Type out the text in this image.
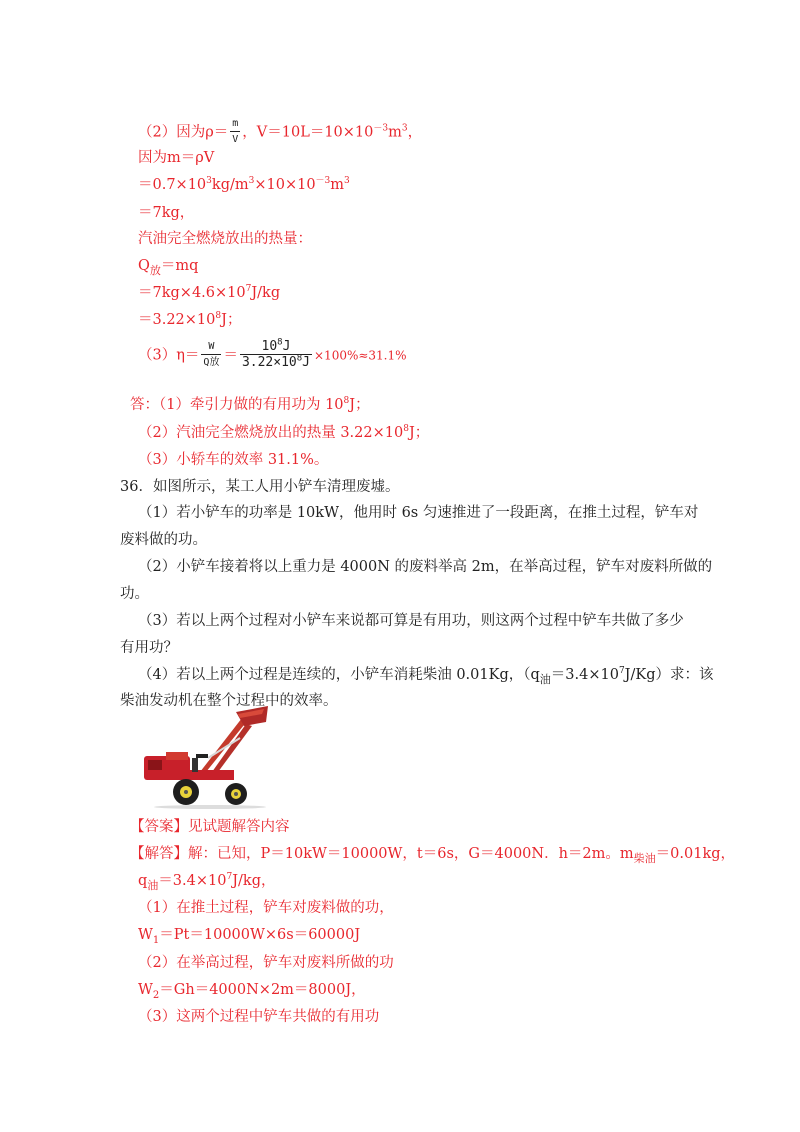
（2）因为$\rho= \frac{m}{V}$ ，$V=10L=10\times 10^{-3}m^3$，
因为m＝ρV
$=0.7\times 10^3kg/m^3\times 10\times 10^{-3}m^3$
＝7kg，
汽油完全燃烧放出的热量：
$Q_放=mq$
$=7kg\times 4.6\times 10^7J/kg$
$=3.22\times 10^8J$；
$(3)\eta= \frac{W}{\text{Q放}} = \frac{10^8J}{3.22\times 10^8J} \times 100\%\approx 31.1\%$
答：（1）牵引力做的有用功为 $10^8J$；
（2）汽油完全燃烧放出的热量 $3.22\times 10^8J$；
（3）小轿车的效率 31.1%。
36．如图所示，某工人用小铲车清理废墟。
（1）若小铲车的功率是 10kW，他用时 6s 匀速推进了一段距离，在推土过程，铲车对
废料做的功。
（2）小铲车接着将以上重力是 4000N 的废料举高 2m，在举高过程，铲车对废料所做的
功。
（3）若以上两个过程对小铲车来说都可算是有用功，则这两个过程中铲车共做了多少
有用功？
（4）若以上两个过程是连续的，小铲车消耗柴油 0.01Kg，$(q_油=3.4\times 10^7J/Kg)$求：该
柴油发动机在整个过程中的效率。
【答案】见试题解答内容
【解答】解：已知，P＝10kW＝10000W，t＝6s，G＝4000N．h＝2m。$m_{柴油}=0.01kg$，
$q_油=3.4\times 10^7J/kg$，
（1）在推土过程，铲车对废料做的功，
$W_1=Pt=10000W\times 6s=60000J$
（2）在举高过程，铲车对废料所做的功
$W_2=Gh=4000N\times 2m=8000J$，
（3）这两个过程中铲车共做的有用功
